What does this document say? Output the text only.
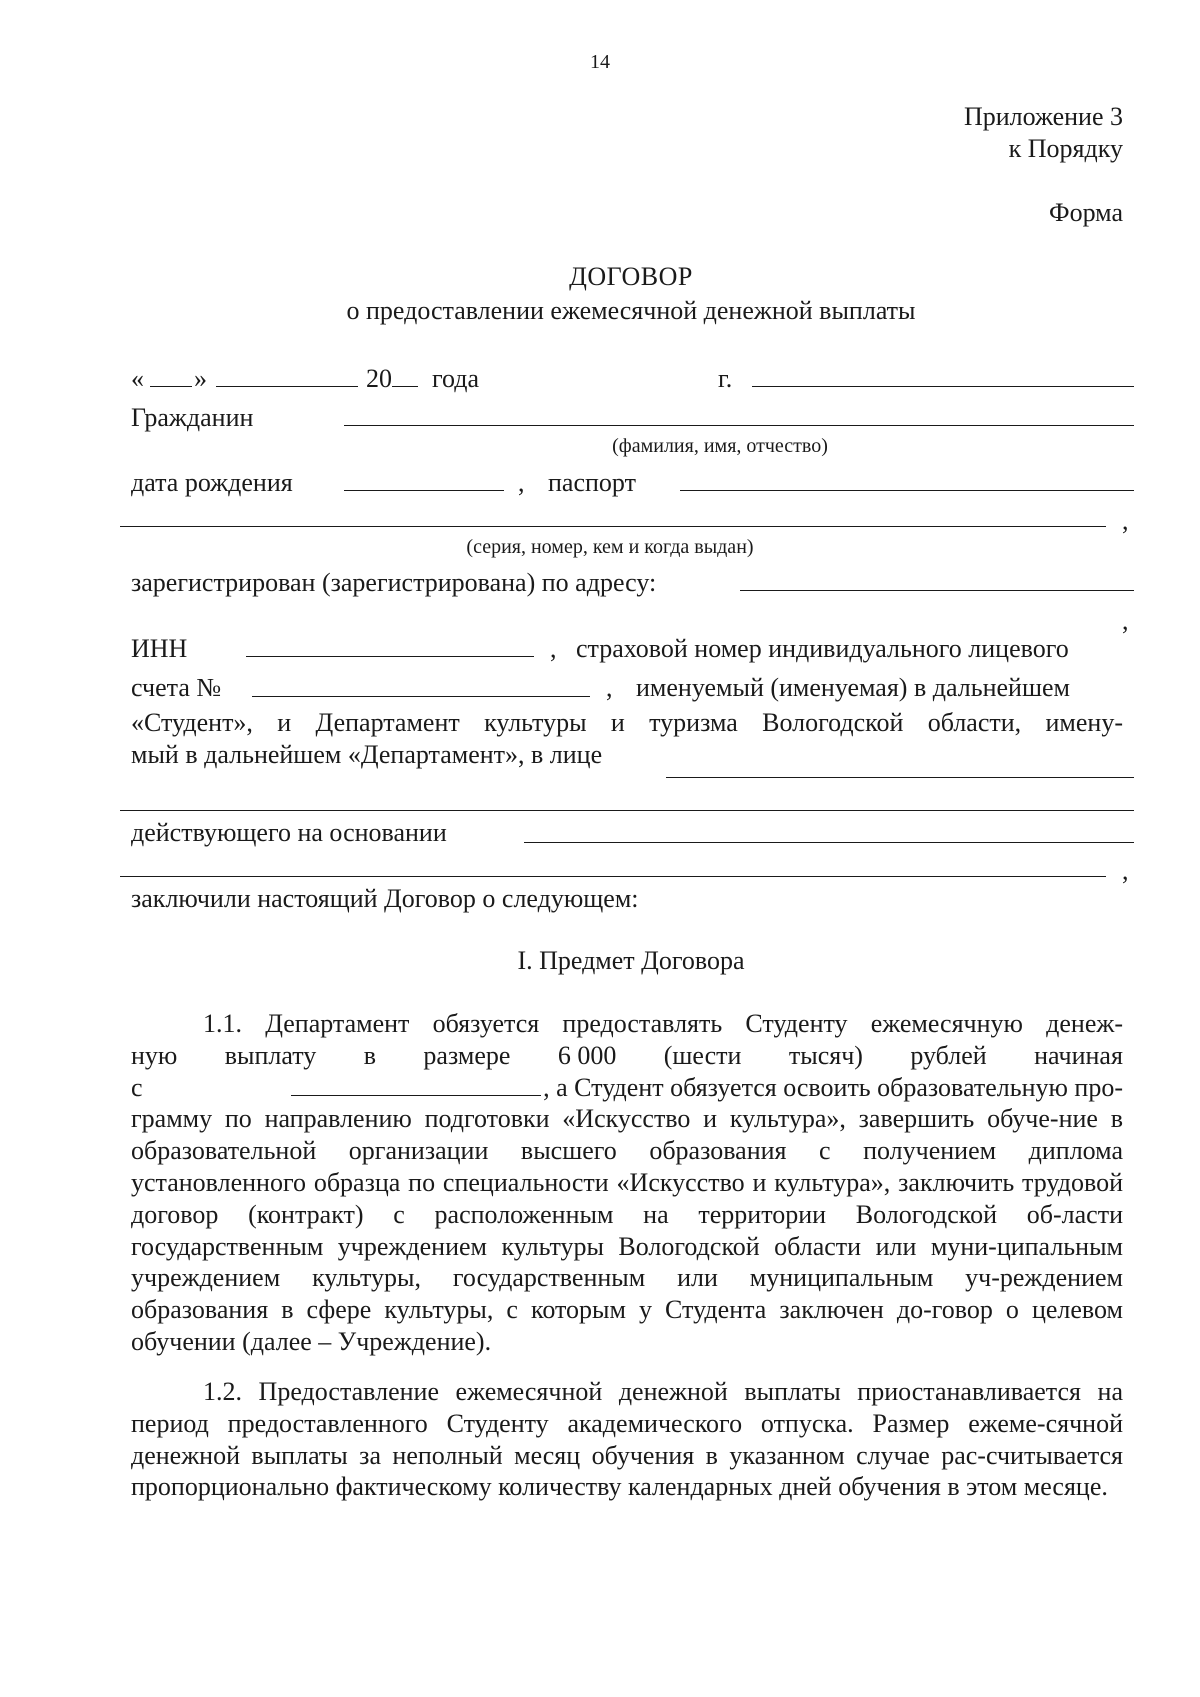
14
Приложение 3
к Порядку
Форма
ДОГОВОР
о предоставлении ежемесячной денежной выплаты
« »	20 года	г.
Гражданин
(фамилия, имя, отчество)
дата рождения	, паспорт
,
(серия, номер, кем и когда выдан)
зарегистрирован (зарегистрирована) по адресу:
,
ИНН	, страховой номер индивидуального лицевого
счета №	, именуемый (именуемая) в дальнейшем
«Студент», и Департамент культуры и туризма Вологодской области, имену-
мый в дальнейшем «Департамент», в лице
действующего на основании
,
заключили настоящий Договор о следующем:
I. Предмет Договора
1.1. Департамент обязуется предоставлять Студенту ежемесячную денеж-
ную выплату в размере 6 000 (шести тысяч) рублей начиная
с	, а Студент обязуется освоить образовательную про-
грамму по направлению подготовки «Искусство и культура», завершить обуче-ние в образовательной организации высшего образования с получением диплома установленного образца по специальности «Искусство и культура», заключить трудовой договор (контракт) с расположенным на территории Вологодской об-ласти государственным учреждением культуры Вологодской области или муни-ципальным учреждением культуры, государственным или муниципальным уч-реждением образования в сфере культуры, с которым у Студента заключен до-говор о целевом обучении (далее – Учреждение).
1.2. Предоставление ежемесячной денежной выплаты приостанавливается на период предоставленного Студенту академического отпуска. Размер ежеме-сячной денежной выплаты за неполный месяц обучения в указанном случае рас-считывается пропорционально фактическому количеству календарных дней обучения в этом месяце.
